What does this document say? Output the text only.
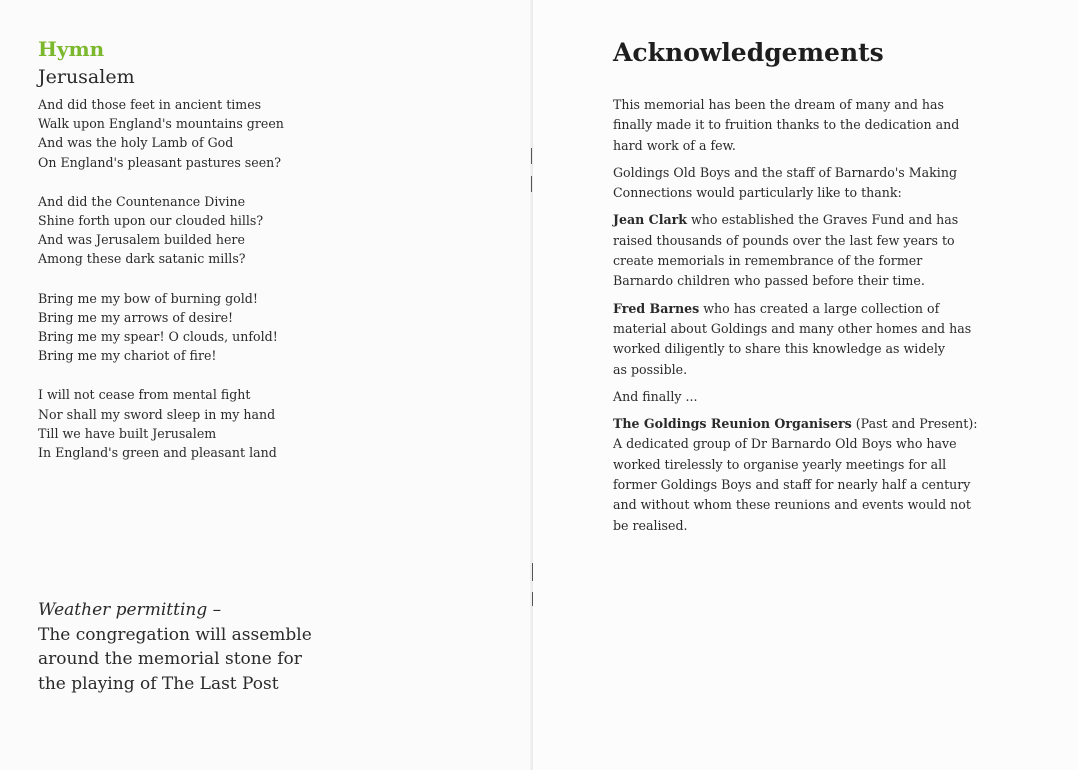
Hymn
Jerusalem
And did those feet in ancient times
Walk upon England's mountains green
And was the holy Lamb of God
On England's pleasant pastures seen?
And did the Countenance Divine
Shine forth upon our clouded hills?
And was Jerusalem builded here
Among these dark satanic mills?
Bring me my bow of burning gold!
Bring me my arrows of desire!
Bring me my spear! O clouds, unfold!
Bring me my chariot of fire!
I will not cease from mental fight
Nor shall my sword sleep in my hand
Till we have built Jerusalem
In England's green and pleasant land
Weather permitting –
The congregation will assemble
around the memorial stone for
the playing of The Last Post
Acknowledgements
This memorial has been the dream of many and has
finally made it to fruition thanks to the dedication and
hard work of a few.
Goldings Old Boys and the staff of Barnardo's Making
Connections would particularly like to thank:
Jean Clark who established the Graves Fund and has
raised thousands of pounds over the last few years to
create memorials in remembrance of the former
Barnardo children who passed before their time.
Fred Barnes who has created a large collection of
material about Goldings and many other homes and has
worked diligently to share this knowledge as widely
as possible.
And finally ...
The Goldings Reunion Organisers (Past and Present):
A dedicated group of Dr Barnardo Old Boys who have
worked tirelessly to organise yearly meetings for all
former Goldings Boys and staff for nearly half a century
and without whom these reunions and events would not
be realised.
